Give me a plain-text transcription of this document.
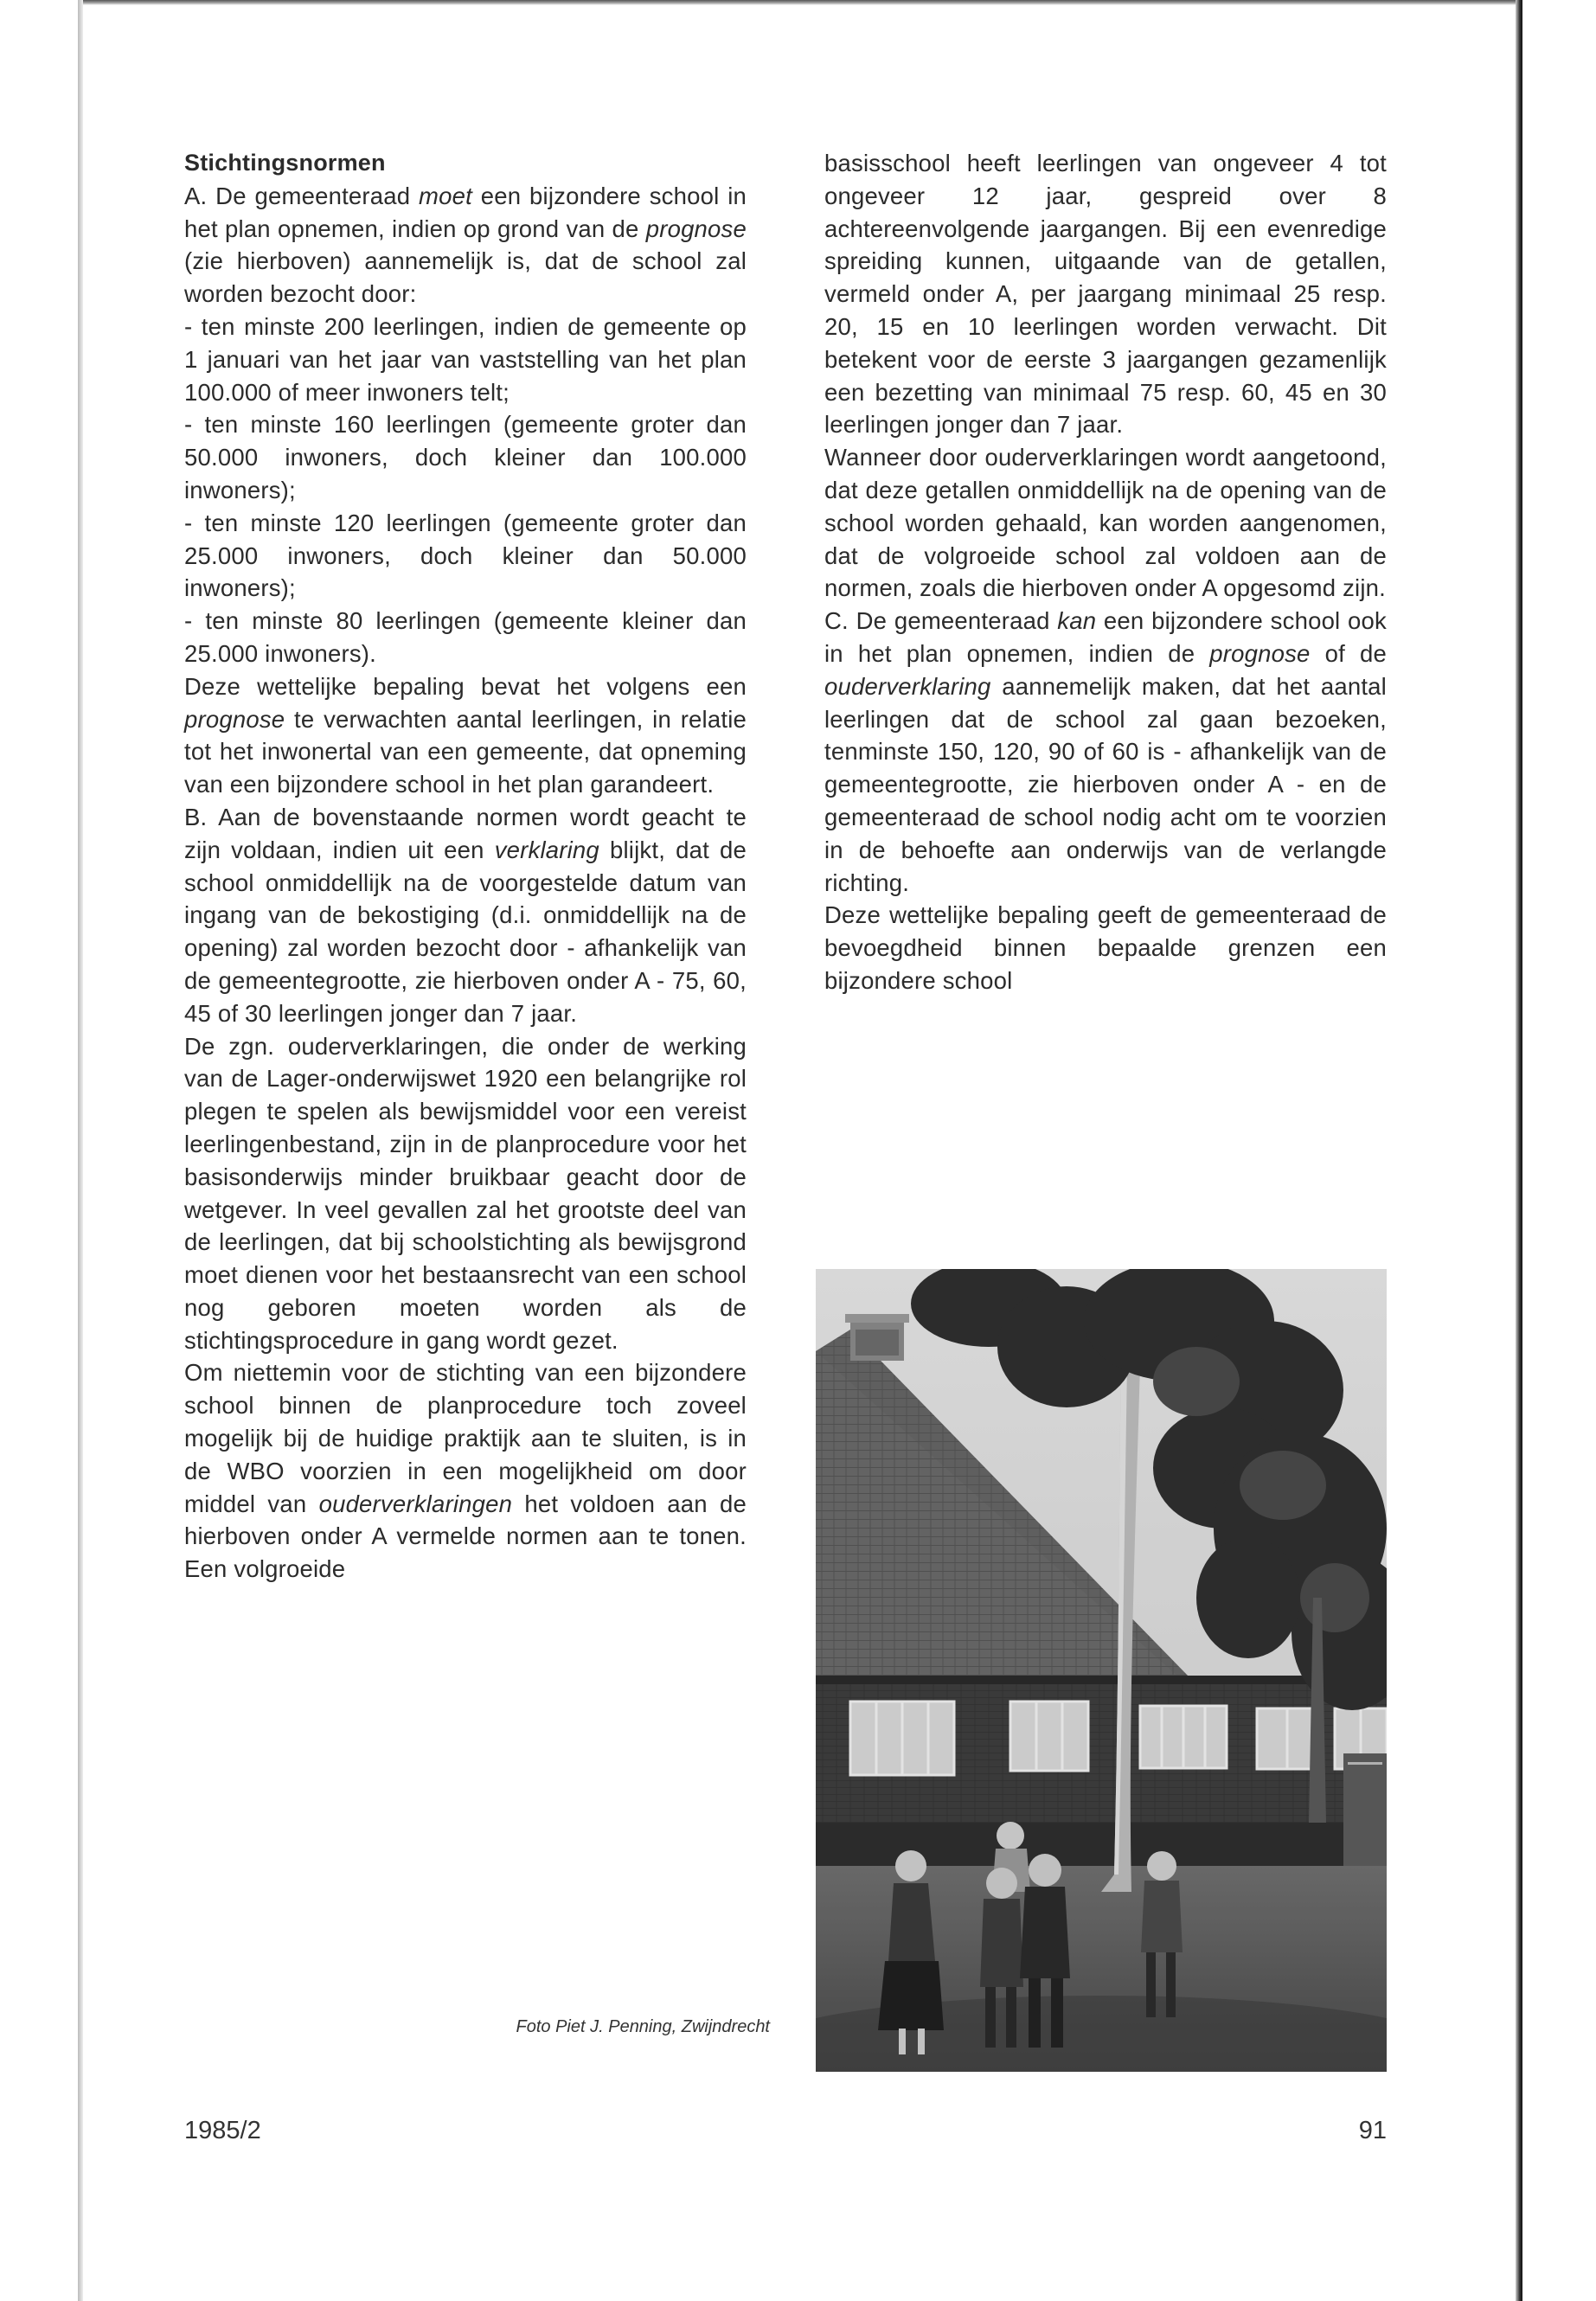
Stichtingsnormen

A. De gemeenteraad moet een bijzondere school in het plan opnemen, indien op grond van de prognose (zie hierboven) aannemelijk is, dat de school zal worden bezocht door:

- ten minste 200 leerlingen, indien de gemeente op 1 januari van het jaar van vaststelling van het plan 100.000 of meer inwoners telt;

- ten minste 160 leerlingen (gemeente groter dan 50.000 inwoners, doch kleiner dan 100.000 inwoners);

- ten minste 120 leerlingen (gemeente groter dan 25.000 inwoners, doch kleiner dan 50.000 inwoners);

- ten minste 80 leerlingen (gemeente kleiner dan 25.000 inwoners).

Deze wettelijke bepaling bevat het volgens een prognose te verwachten aantal leerlingen, in relatie tot het inwonertal van een gemeente, dat opneming van een bijzondere school in het plan garandeert.

B. Aan de bovenstaande normen wordt geacht te zijn voldaan, indien uit een verklaring blijkt, dat de school onmiddellijk na de voorgestelde datum van ingang van de bekostiging (d.i. onmiddellijk na de opening) zal worden bezocht door - afhankelijk van de gemeentegrootte, zie hierboven onder A - 75, 60, 45 of 30 leerlingen jonger dan 7 jaar.

De zgn. ouderverklaringen, die onder de werking van de Lager-onderwijswet 1920 een belangrijke rol plegen te spelen als bewijsmiddel voor een vereist leerlingenbestand, zijn in de planprocedure voor het basisonderwijs minder bruikbaar geacht door de wetgever. In veel gevallen zal het grootste deel van de leerlingen, dat bij schoolstichting als bewijsgrond moet dienen voor het bestaansrecht van een school nog geboren moeten worden als de stichtingsprocedure in gang wordt gezet.

Om niettemin voor de stichting van een bijzondere school binnen de planprocedure toch zoveel mogelijk bij de huidige praktijk aan te sluiten, is in de WBO voorzien in een mogelijkheid om door middel van ouderverklaringen het voldoen aan de hierboven onder A vermelde normen aan te tonen. Een volgroeide

basisschool heeft leerlingen van ongeveer 4 tot ongeveer 12 jaar, gespreid over 8 achtereenvolgende jaargangen. Bij een evenredige spreiding kunnen, uitgaande van de getallen, vermeld onder A, per jaargang minimaal 25 resp. 20, 15 en 10 leerlingen worden verwacht. Dit betekent voor de eerste 3 jaargangen gezamenlijk een bezetting van minimaal 75 resp. 60, 45 en 30 leerlingen jonger dan 7 jaar.

Wanneer door ouderverklaringen wordt aangetoond, dat deze getallen onmiddellijk na de opening van de school worden gehaald, kan worden aangenomen, dat de volgroeide school zal voldoen aan de normen, zoals die hierboven onder A opgesomd zijn.

C. De gemeenteraad kan een bijzondere school ook in het plan opnemen, indien de prognose of de ouderverklaring aannemelijk maken, dat het aantal leerlingen dat de school zal gaan bezoeken, tenminste 150, 120, 90 of 60 is - afhankelijk van de gemeentegrootte, zie hierboven onder A - en de gemeenteraad de school nodig acht om te voorzien in de behoefte aan onderwijs van de verlangde richting.

Deze wettelijke bepaling geeft de gemeenteraad de bevoegdheid binnen bepaalde grenzen een bijzondere school

Foto Piet J. Penning, Zwijndrecht
1985/2	91
